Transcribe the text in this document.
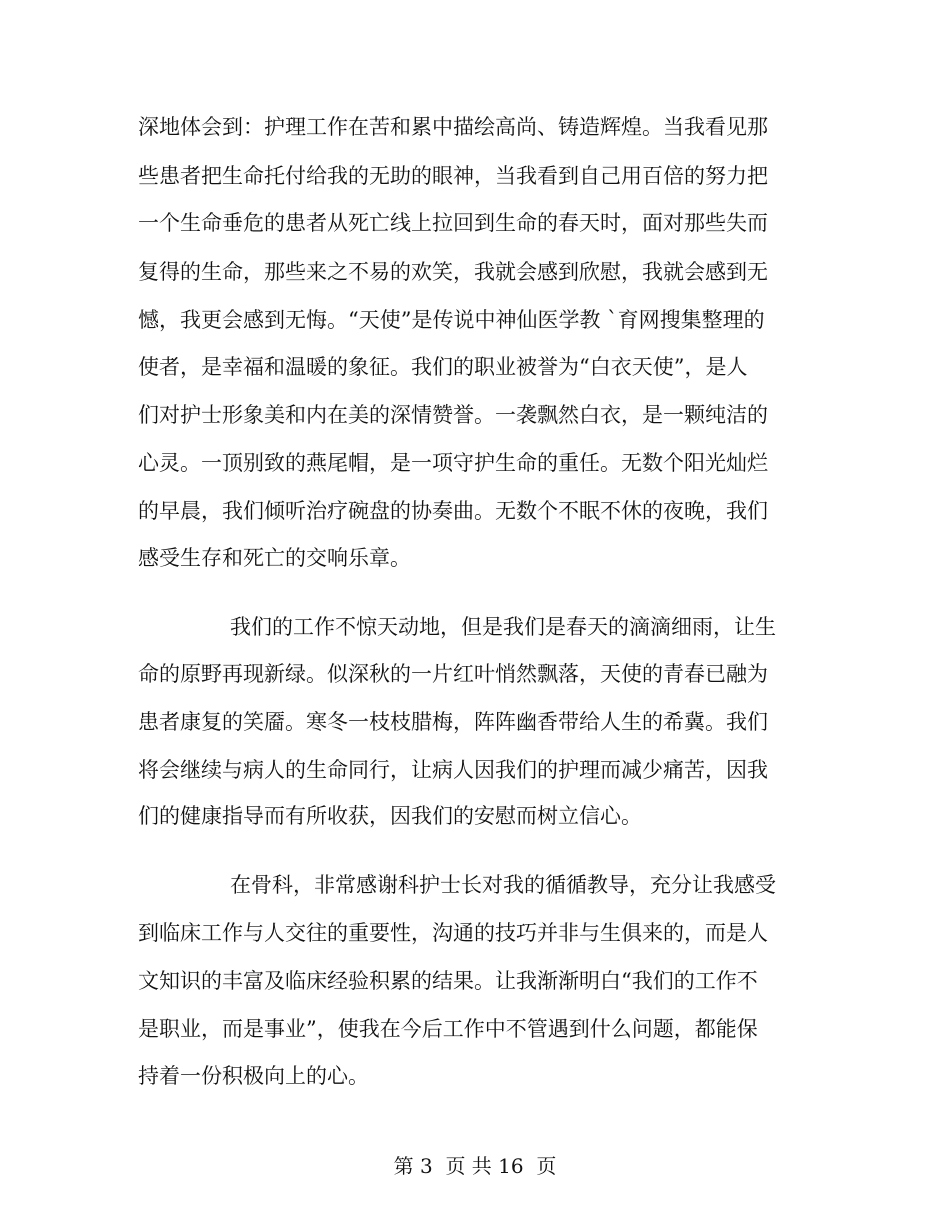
深地体会到：护理工作在苦和累中描绘高尚、铸造辉煌。当我看见那
些患者把生命托付给我的无助的眼神，当我看到自己用百倍的努力把
一个生命垂危的患者从死亡线上拉回到生命的春天时，面对那些失而
复得的生命，那些来之不易的欢笑，我就会感到欣慰，我就会感到无
憾，我更会感到无悔。“天使”是传说中神仙医学教 `育网搜集整理的
使者，是幸福和温暖的象征。我们的职业被誉为“白衣天使”，是人
们对护士形象美和内在美的深情赞誉。一袭飘然白衣，是一颗纯洁的
心灵。一顶别致的燕尾帽，是一项守护生命的重任。无数个阳光灿烂
的早晨，我们倾听治疗碗盘的协奏曲。无数个不眠不休的夜晚，我们
感受生存和死亡的交响乐章。
我们的工作不惊天动地，但是我们是春天的滴滴细雨，让生
命的原野再现新绿。似深秋的一片红叶悄然飘落，天使的青春已融为
患者康复的笑靥。寒冬一枝枝腊梅，阵阵幽香带给人生的希冀。我们
将会继续与病人的生命同行，让病人因我们的护理而减少痛苦，因我
们的健康指导而有所收获，因我们的安慰而树立信心。
在骨科，非常感谢科护士长对我的循循教导，充分让我感受
到临床工作与人交往的重要性，沟通的技巧并非与生俱来的，而是人
文知识的丰富及临床经验积累的结果。让我渐渐明白“我们的工作不
是职业，而是事业”，使我在今后工作中不管遇到什么问题，都能保
持着一份积极向上的心。
第 3  页 共 16  页
